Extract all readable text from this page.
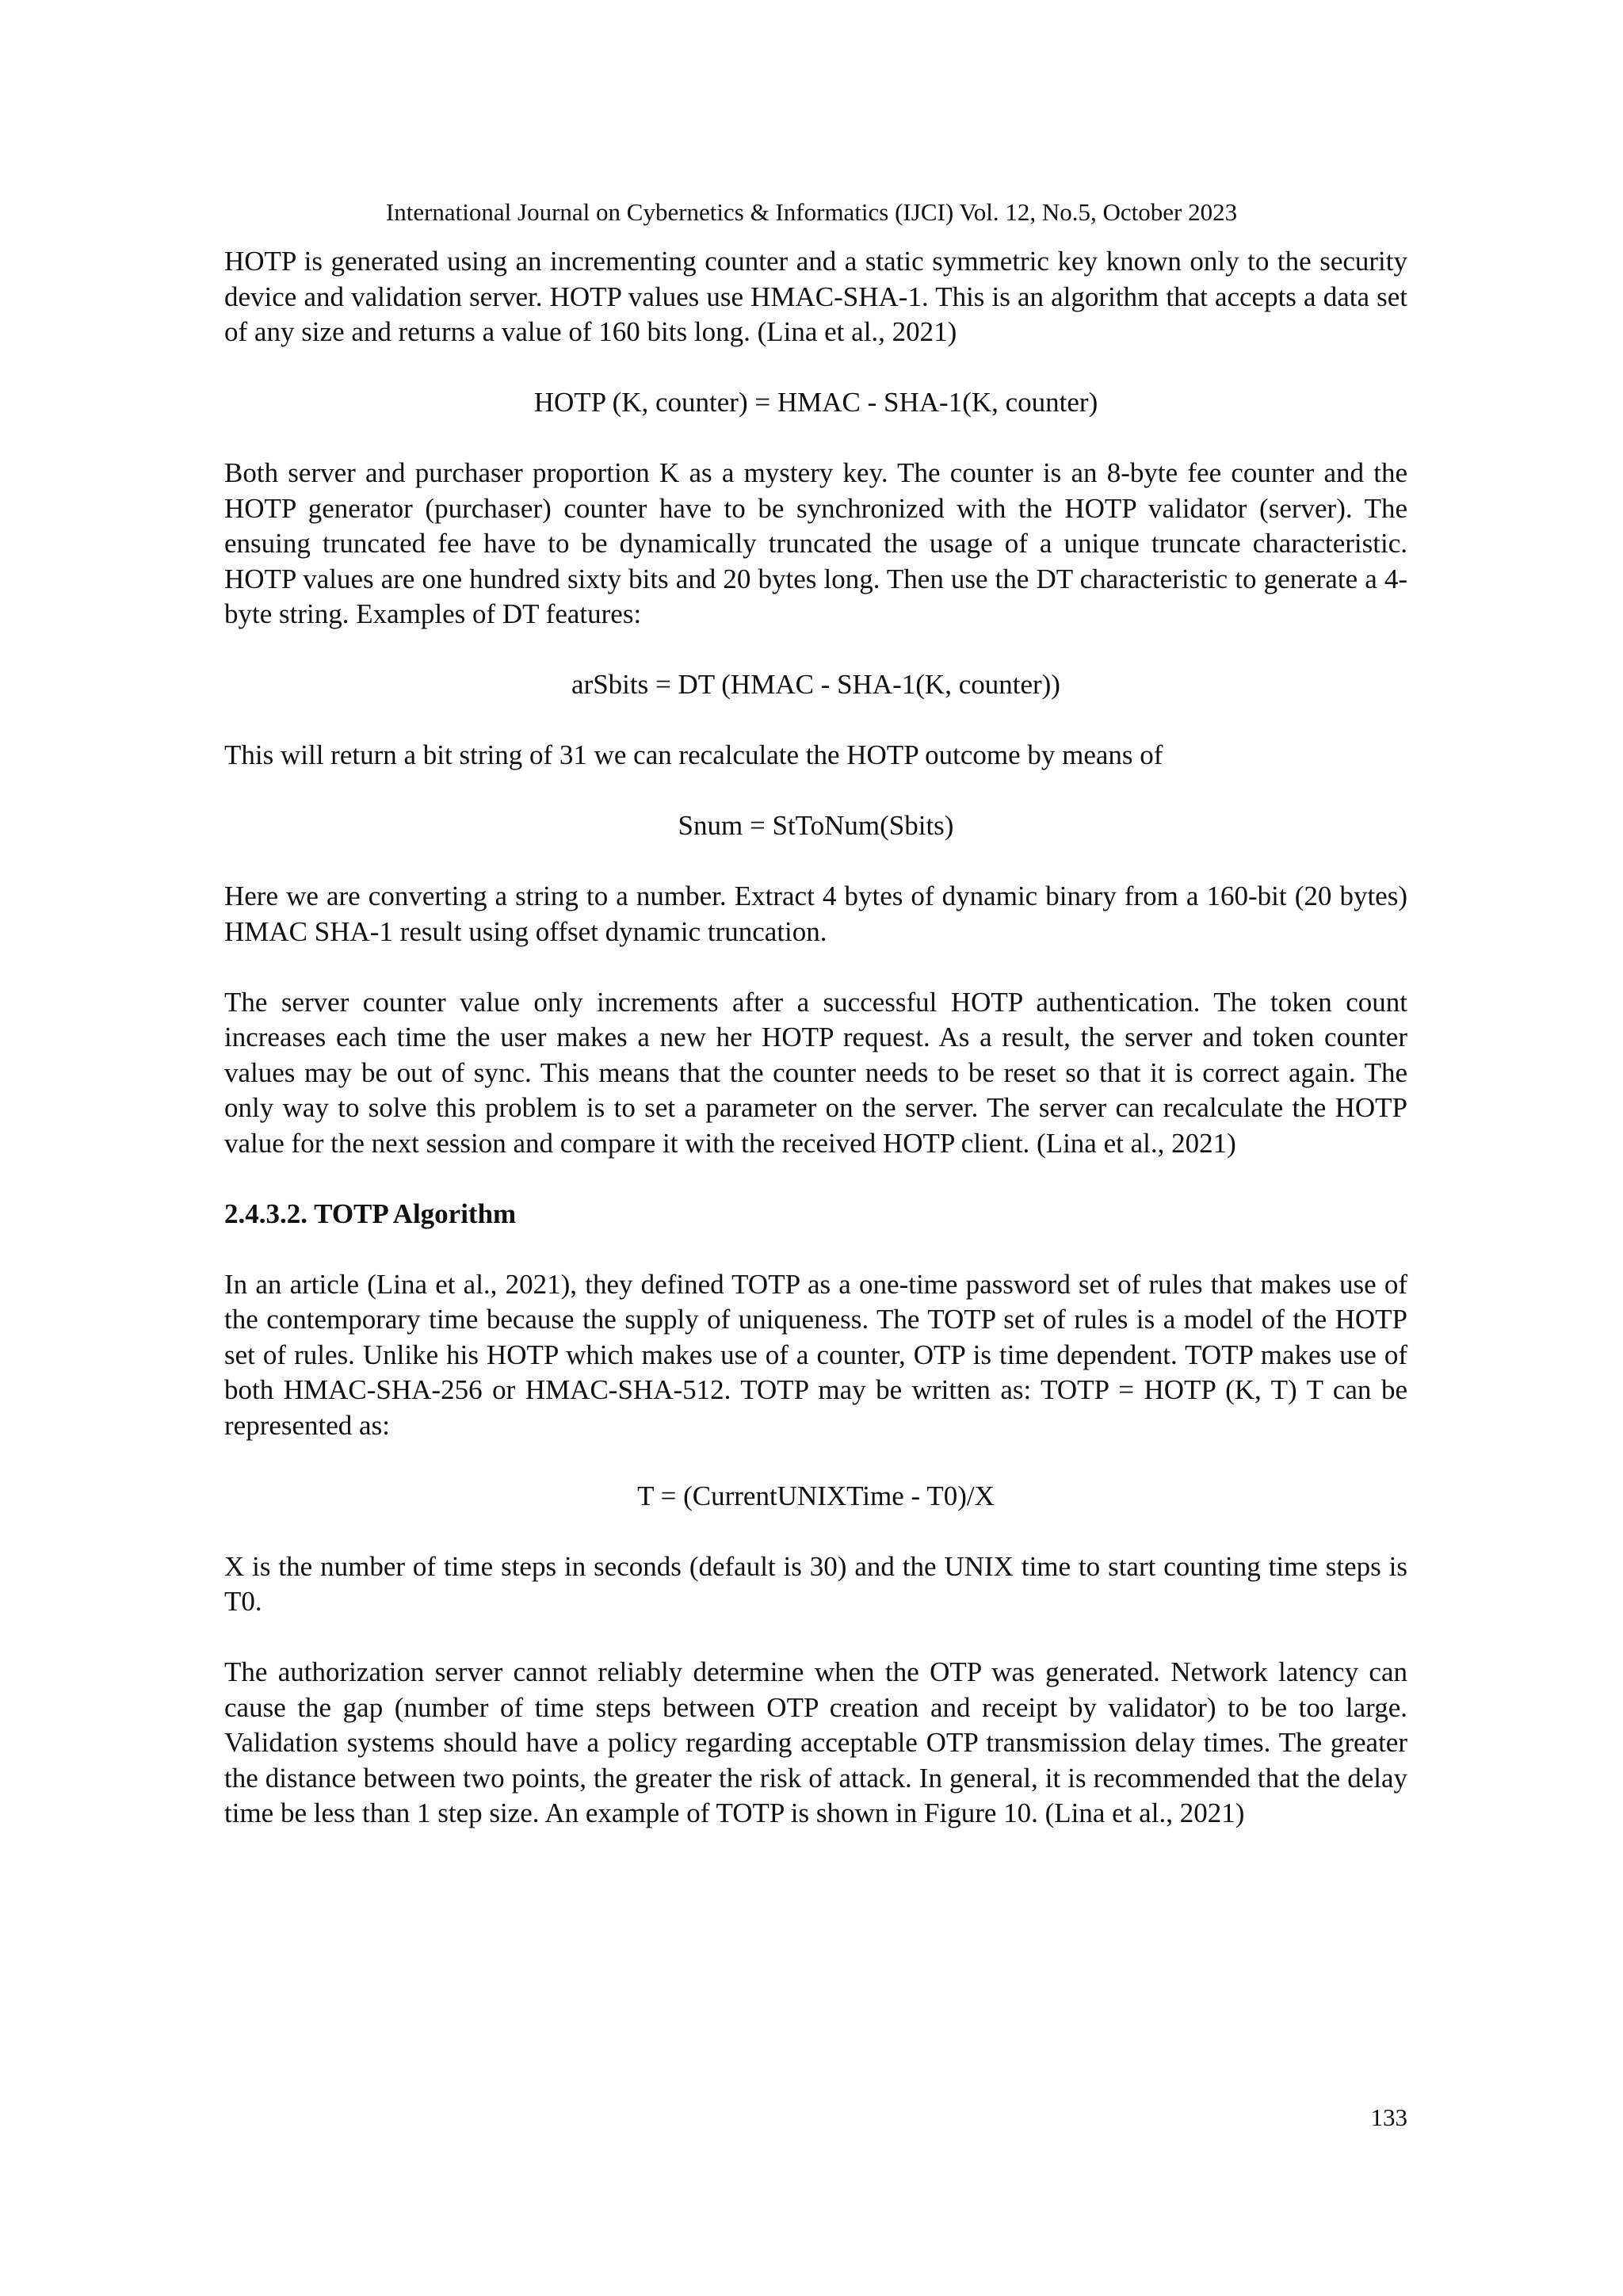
International Journal on Cybernetics & Informatics (IJCI) Vol. 12, No.5, October 2023

HOTP is generated using an incrementing counter and a static symmetric key known only to the security device and validation server. HOTP values use HMAC-SHA-1. This is an algorithm that accepts a data set of any size and returns a value of 160 bits long. (Lina et al., 2021)

HOTP (K, counter) = HMAC - SHA-1(K, counter)

Both server and purchaser proportion K as a mystery key. The counter is an 8-byte fee counter and the HOTP generator (purchaser) counter have to be synchronized with the HOTP validator (server). The ensuing truncated fee have to be dynamically truncated the usage of a unique truncate characteristic. HOTP values are one hundred sixty bits and 20 bytes long. Then use the DT characteristic to generate a 4-byte string. Examples of DT features:

arSbits = DT (HMAC - SHA-1(K, counter))

This will return a bit string of 31 we can recalculate the HOTP outcome by means of

Snum = StToNum(Sbits)

Here we are converting a string to a number. Extract 4 bytes of dynamic binary from a 160-bit (20 bytes) HMAC SHA-1 result using offset dynamic truncation.

The server counter value only increments after a successful HOTP authentication. The token count increases each time the user makes a new her HOTP request. As a result, the server and token counter values may be out of sync. This means that the counter needs to be reset so that it is correct again. The only way to solve this problem is to set a parameter on the server. The server can recalculate the HOTP value for the next session and compare it with the received HOTP client. (Lina et al., 2021)

2.4.3.2. TOTP Algorithm

In an article (Lina et al., 2021), they defined TOTP as a one-time password set of rules that makes use of the contemporary time because the supply of uniqueness. The TOTP set of rules is a model of the HOTP set of rules. Unlike his HOTP which makes use of a counter, OTP is time dependent. TOTP makes use of both HMAC-SHA-256 or HMAC-SHA-512. TOTP may be written as: TOTP = HOTP (K, T) T can be represented as:

T = (CurrentUNIXTime - T0)/X

X is the number of time steps in seconds (default is 30) and the UNIX time to start counting time steps is T0.

The authorization server cannot reliably determine when the OTP was generated. Network latency can cause the gap (number of time steps between OTP creation and receipt by validator) to be too large. Validation systems should have a policy regarding acceptable OTP transmission delay times. The greater the distance between two points, the greater the risk of attack. In general, it is recommended that the delay time be less than 1 step size. An example of TOTP is shown in Figure 10. (Lina et al., 2021)

133
